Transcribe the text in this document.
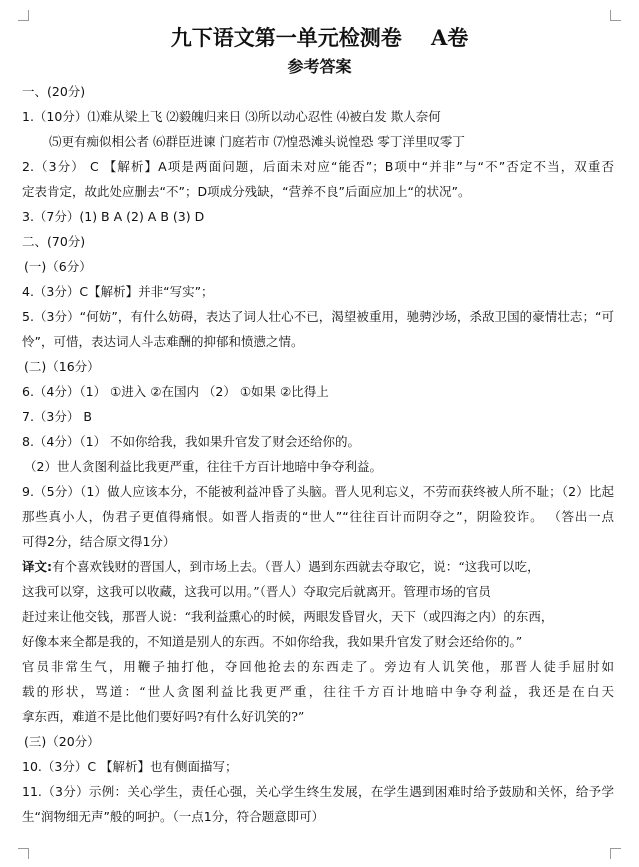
九下语文第一单元检测卷    A卷
参考答案
一、(20分)
1.（10分）⑴难从梁上飞 ⑵毅魄归来日 ⑶所以动心忍性 ⑷被白发 欺人奈何
⑸更有痴似相公者 ⑹群臣进谏 门庭若市 ⑺惶恐滩头说惶恐 零丁洋里叹零丁
2.（3分） C 【解析】A项是两面问题，后面未对应“能否”；B项中“并非”与“不”否定不当，双重否
定表肯定，故此处应删去“不”；D项成分残缺，“营养不良”后面应加上“的状况”。
3.（7分）(1) B A (2) A B (3) D
二、(70分)
(一)（6分）
4.（3分）C【解析】并非“写实”；
5.（3分）“何妨”，有什么妨碍，表达了词人壮心不已，渴望被重用，驰骋沙场，杀敌卫国的豪情壮志；“可
怜”，可惜，表达词人斗志难酬的抑郁和愤懑之情。
(二)（16分）
6.（4分）（1） ①进入 ②在国内 （2） ①如果 ②比得上
7.（3分） B
8.（4分）（1） 不如你给我，我如果升官发了财会还给你的。
（2）世人贪图利益比我更严重，往往千方百计地暗中争夺利益。
9.（5分）（1）做人应该本分，不能被利益冲昏了头脑。晋人见利忘义，不劳而获终被人所不耻；（2）比起
那些真小人，伪君子更值得痛恨。如晋人指责的“世人”“往往百计而阴夺之”，阴险狡诈。 （答出一点
可得2分，结合原文得1分）
译文:有个喜欢钱财的晋国人，到市场上去。（晋人）遇到东西就去夺取它，说：“这我可以吃，
这我可以穿，这我可以收藏，这我可以用。”（晋人）夺取完后就离开。管理市场的官员
赶过来让他交钱，那晋人说：“我利益熏心的时候，两眼发昏冒火，天下（或四海之内）的东西，
好像本来全都是我的，不知道是别人的东西。不如你给我，我如果升官发了财会还给你的。”
官员非常生气，用鞭子抽打他，夺回他抢去的东西走了。旁边有人讥笑他，那晋人徒手屈肘如
载的形状，骂道：“世人贪图利益比我更严重，往往千方百计地暗中争夺利益，我还是在白天
拿东西，难道不是比他们要好吗?有什么好讥笑的?”
(三)（20分）
10.（3分）C 【解析】也有侧面描写；
11.（3分）示例：关心学生，责任心强，关心学生终生发展，在学生遇到困难时给予鼓励和关怀，给予学
生“润物细无声”般的呵护。（一点1分，符合题意即可）
